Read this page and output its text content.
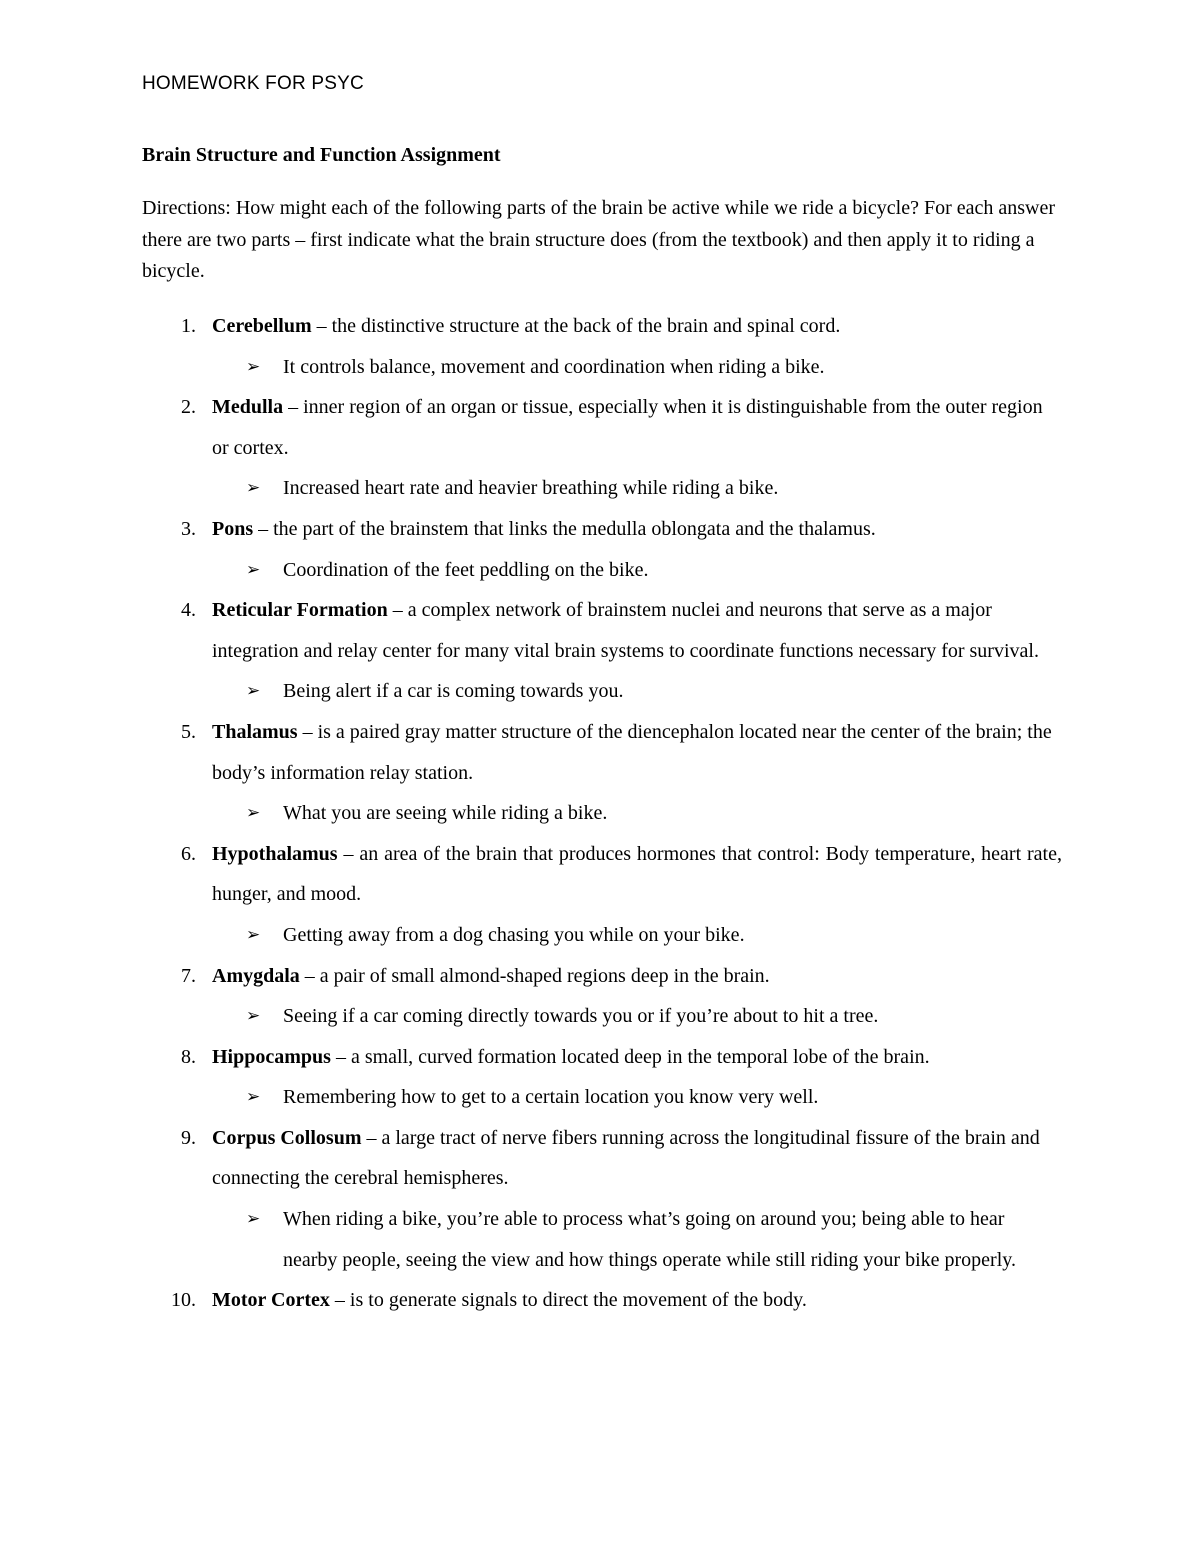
HOMEWORK FOR PSYC
Brain Structure and Function Assignment
Directions: How might each of the following parts of the brain be active while we ride a bicycle? For each answer there are two parts – first indicate what the brain structure does (from the textbook) and then apply it to riding a bicycle.
1. Cerebellum – the distinctive structure at the back of the brain and spinal cord.
➢ It controls balance, movement and coordination when riding a bike.
2. Medulla – inner region of an organ or tissue, especially when it is distinguishable from the outer region or cortex.
➢ Increased heart rate and heavier breathing while riding a bike.
3. Pons – the part of the brainstem that links the medulla oblongata and the thalamus.
➢ Coordination of the feet peddling on the bike.
4. Reticular Formation – a complex network of brainstem nuclei and neurons that serve as a major integration and relay center for many vital brain systems to coordinate functions necessary for survival.
➢ Being alert if a car is coming towards you.
5. Thalamus – is a paired gray matter structure of the diencephalon located near the center of the brain; the body’s information relay station.
➢ What you are seeing while riding a bike.
6. Hypothalamus – an area of the brain that produces hormones that control: Body temperature, heart rate, hunger, and mood.
➢ Getting away from a dog chasing you while on your bike.
7. Amygdala – a pair of small almond-shaped regions deep in the brain.
➢ Seeing if a car coming directly towards you or if you’re about to hit a tree.
8. Hippocampus – a small, curved formation located deep in the temporal lobe of the brain.
➢ Remembering how to get to a certain location you know very well.
9. Corpus Collosum – a large tract of nerve fibers running across the longitudinal fissure of the brain and connecting the cerebral hemispheres.
➢ When riding a bike, you’re able to process what’s going on around you; being able to hear nearby people, seeing the view and how things operate while still riding your bike properly.
10. Motor Cortex – is to generate signals to direct the movement of the body.
